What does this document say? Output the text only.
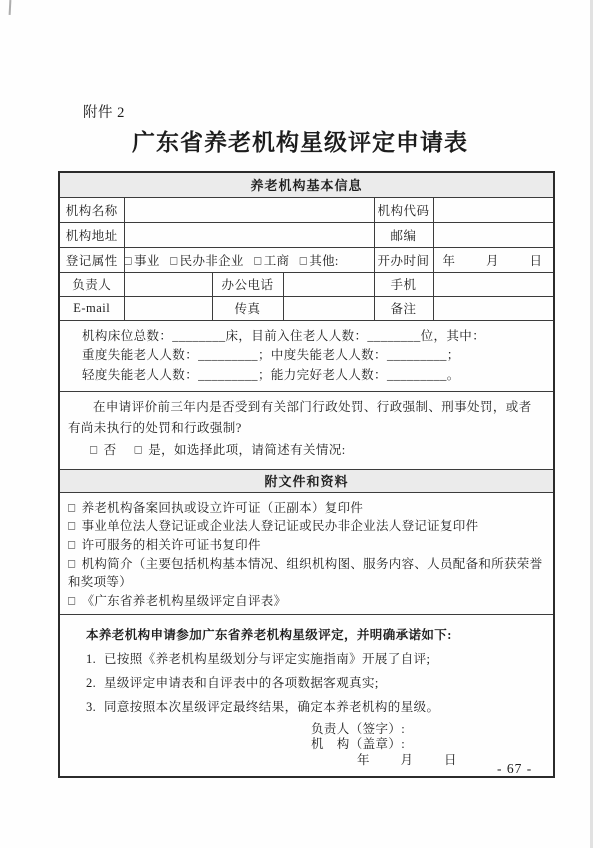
附件 2
广东省养老机构星级评定申请表
养老机构基本信息					
机构名称				机构代码	
机构地址				邮编	
登记属性	□ 事业 □ 民办非企业 □ 工商 □ 其他:			开办时间	年　　月　　日
负责人		办公电话		手机	
E-mail		传真		备注	

机构床位总数：________床，目前入住老人人数：________位，其中：
重度失能老人人数：_________；中度失能老人人数：_________；
轻度失能老人人数：_________；能力完好老人人数：_________。					

在申请评价前三年内是否受到有关部门行政处罚、行政强制、刑事处罚，或者有尚未执行的处罚和行政强制?
□ 否 □ 是，如选择此项，请简述有关情况:					

附文件和资料					

□ 养老机构备案回执或设立许可证（正副本）复印件
□ 事业单位法人登记证或企业法人登记证或民办非企业法人登记证复印件
□ 许可服务的相关许可证书复印件
□ 机构简介（主要包括机构基本情况、组织机构图、服务内容、人员配备和所获荣誉和奖项等）
□ 《广东省养老机构星级评定自评表》					

本养老机构申请参加广东省养老机构星级评定，并明确承诺如下:
1. 已按照《养老机构星级划分与评定实施指南》开展了自评;
2. 星级评定申请表和自评表中的各项数据客观真实;
3. 同意按照本次星级评定最终结果，确定本养老机构的星级。
负责人（签字）:
机　构（盖章）:
年　　月　　日
- 67 -
